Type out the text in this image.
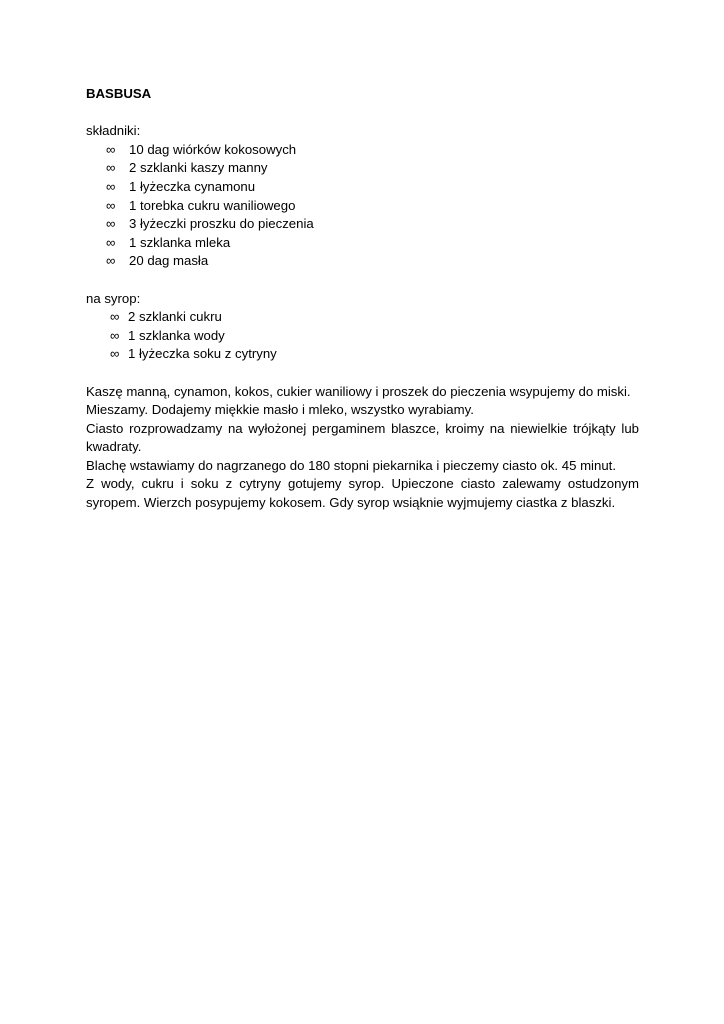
BASBUSA
składniki:
∞ 10 dag wiórków kokosowych
∞ 2 szklanki kaszy manny
∞ 1 łyżeczka cynamonu
∞ 1 torebka cukru waniliowego
∞ 3 łyżeczki proszku do pieczenia
∞ 1 szklanka mleka
∞ 20 dag masła
na syrop:
∞ 2 szklanki cukru
∞ 1 szklanka wody
∞ 1 łyżeczka soku z cytryny

Kaszę manną, cynamon, kokos, cukier waniliowy i proszek do pieczenia wsypujemy do miski.

Mieszamy. Dodajemy miękkie masło i mleko, wszystko wyrabiamy.

Ciasto rozprowadzamy na wyłożonej pergaminem blaszce, kroimy na niewielkie trójkąty lub kwadraty.

Blachę wstawiamy do nagrzanego do 180 stopni piekarnika i pieczemy ciasto ok. 45 minut.

Z wody, cukru i soku z cytryny gotujemy syrop. Upieczone ciasto zalewamy ostudzonym syropem. Wierzch posypujemy kokosem. Gdy syrop wsiąknie wyjmujemy ciastka z blaszki.
